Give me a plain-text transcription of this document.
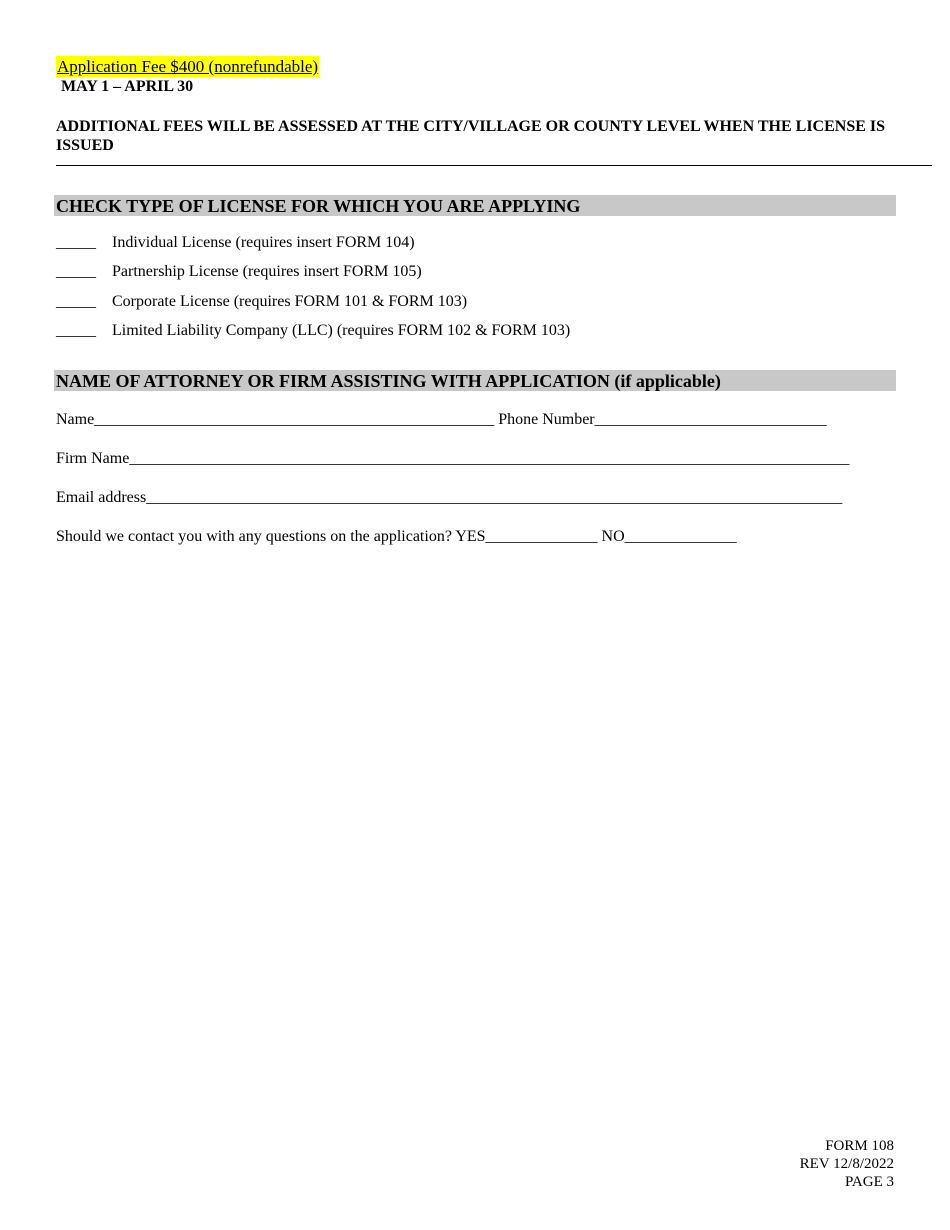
Application Fee $400 (nonrefundable)
MAY 1 – APRIL 30
ADDITIONAL FEES WILL BE ASSESSED AT THE CITY/VILLAGE OR COUNTY LEVEL WHEN THE LICENSE IS ISSUED
CHECK TYPE OF LICENSE FOR WHICH YOU ARE APPLYING
_____ Individual License (requires insert FORM 104)
_____ Partnership License (requires insert FORM 105)
_____ Corporate License (requires FORM 101 & FORM 103)
_____ Limited Liability Company (LLC) (requires FORM 102 & FORM 103)
NAME OF ATTORNEY OR FIRM ASSISTING WITH APPLICATION (if applicable)
Name__________________________________________________ Phone Number_____________________________
Firm Name__________________________________________________________________________________________
Email address_______________________________________________________________________________________
Should we contact you with any questions on the application? YES______________ NO______________
FORM 108
REV 12/8/2022
PAGE 3
